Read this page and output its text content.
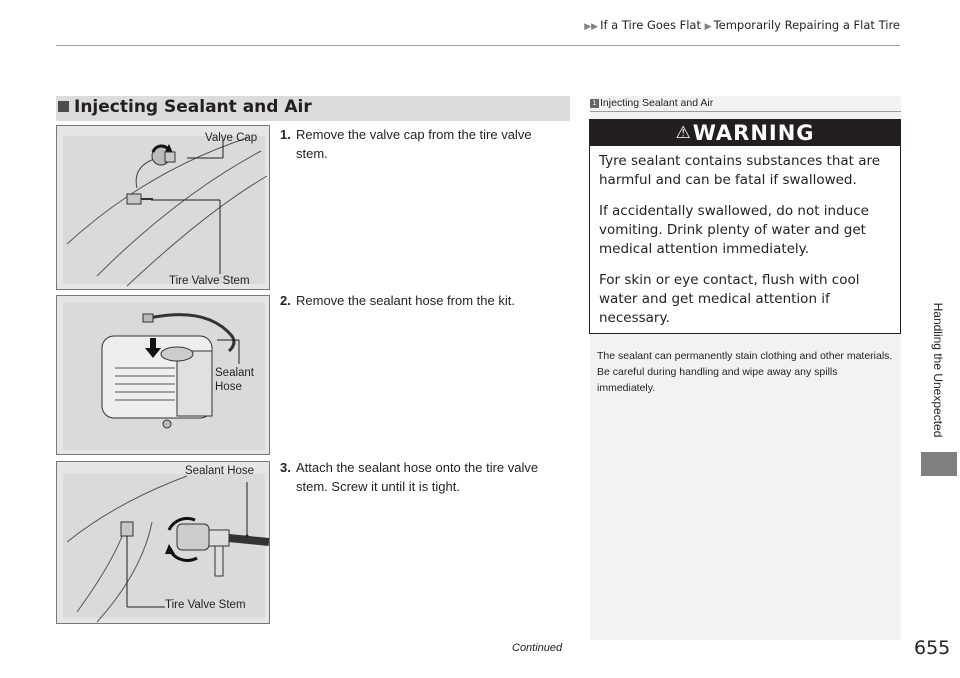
▶▶ If a Tire Goes Flat ▶ Temporarily Repairing a Flat Tire
Handling the Unexpected
Injecting Sealant and Air
Valve Cap
Tire Valve Stem
Sealant
Hose
Sealant Hose
Tire Valve Stem
1. Remove the valve cap from the tire valve
stem.
2. Remove the sealant hose from the kit.
3. Attach the sealant hose onto the tire valve
stem. Screw it until it is tight.
1 Injecting Sealant and Air
⚠WARNING
Tyre sealant contains substances that are harmful and can be fatal if swallowed.
If accidentally swallowed, do not induce vomiting. Drink plenty of water and get medical attention immediately.
For skin or eye contact, flush with cool water and get medical attention if necessary.
The sealant can permanently stain clothing and other materials. Be careful during handling and wipe away any spills immediately.
Continued	655
